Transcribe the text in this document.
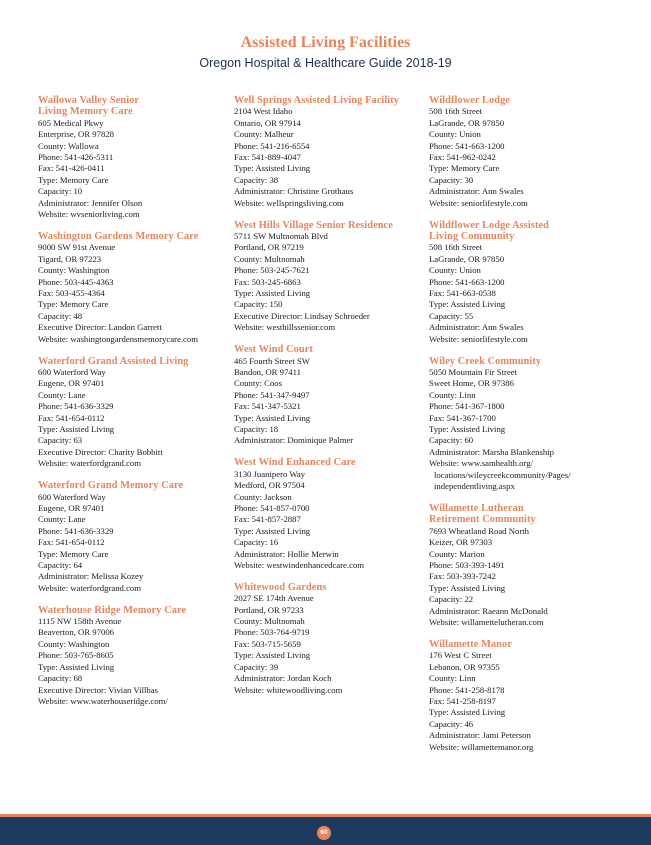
Assisted Living Facilities
Oregon Hospital & Healthcare Guide 2018-19
Wallowa Valley Senior
Living Memory Care
605 Medical Pkwy
Enterprise, OR 97828
County: Wallowa
Phone: 541-426-5311
Fax: 541-426-0411
Type: Memory Care
Capacity: 10
Administrator: Jennifer Olson
Website: wvseniorliving.com
Washington Gardens Memory Care
9000 SW 91st Avenue
Tigard, OR 97223
County: Washington
Phone: 503-445-4363
Fax: 503-455-4364
Type: Memory Care
Capacity: 48
Executive Director: Landon Garrett
Website: washingtongardensmemorycare.com
Waterford Grand Assisted Living
600 Waterford Way
Eugene, OR 97401
County: Lane
Phone: 541-636-3329
Fax: 541-654-0112
Type: Assisted Living
Capacity: 63
Executive Director: Charity Bobbitt
Website: waterfordgrand.com
Waterford Grand Memory Care
600 Waterford Way
Eugene, OR 97401
County: Lane
Phone: 541-636-3329
Fax: 541-654-0112
Type: Memory Care
Capacity: 64
Administrator: Melissa Kozey
Website: waterfordgrand.com
Waterhouse Ridge Memory Care
1115 NW 158th Avenue
Beaverton, OR 97006
County: Washington
Phone: 503-765-8605
Type: Assisted Living
Capacity: 68
Executive Director: Vivian Villbas
Website: www.waterhouseridge.com/
Well Springs Assisted Living Facility
2104 West Idaho
Ontario, OR 97914
County: Malheur
Phone: 541-216-6554
Fax: 541-889-4047
Type: Assisted Living
Capacity: 38
Administrator: Christine Grothaus
Website: wellspringsliving.com
West Hills Village Senior Residence
5711 SW Multnomah Blvd
Portland, OR 97219
County: Multnomah
Phone: 503-245-7621
Fax: 503-245-6863
Type: Assisted Living
Capacity: 150
Executive Director: Lindsay Schroeder
Website: westhillssenior.com
West Wind Court
465 Fourth Street SW
Bandon, OR 97411
County: Coos
Phone: 541-347-9497
Fax: 541-347-5321
Type: Assisted Living
Capacity: 18
Administrator: Dominique Palmer
West Wind Enhanced Care
3130 Juanipero Way
Medford, OR 97504
County: Jackson
Phone: 541-857-0700
Fax: 541-857-2887
Type: Assisted Living
Capacity: 16
Administrator: Hollie Merwin
Website: westwindenhancedcare.com
Whitewood Gardens
2027 SE 174th Avenue
Portland, OR 97233
County: Multnomah
Phone: 503-764-9719
Fax: 503-715-5659
Type: Assisted Living
Capacity: 39
Administrator: Jordan Koch
Website: whitewoodliving.com
Wildflower Lodge
508 16th Street
LaGrande, OR 97850
County: Union
Phone: 541-663-1200
Fax: 541-962-0242
Type: Memory Care
Capacity: 30
Administrator: Ann Swales
Website: seniorlifestyle.com
Wildflower Lodge Assisted
Living Community
508 16th Street
LaGrande, OR 97850
County: Union
Phone: 541-663-1200
Fax: 541-663-0538
Type: Assisted Living
Capacity: 55
Administrator: Ann Swales
Website: seniorlifestyle.com
Wiley Creek Community
5050 Mountain Fir Street
Sweet Home, OR 97386
County: Linn
Phone: 541-367-1800
Fax: 541-367-1700
Type: Assisted Living
Capacity: 60
Administrator: Marsha Blankenship
Website: www.samhealth.org/
locations/wileycreekcommunity/Pages/
independentliving.aspx
Willamette Lutheran
Retirement Community
7693 Wheatland Road North
Keizer, OR 97303
County: Marion
Phone: 503-393-1491
Fax: 503-393-7242
Type: Assisted Living
Capacity: 22
Administrator: Raeann McDonald
Website: willamettelutheran.com
Willamette Manor
176 West C Street
Lebanon, OR 97355
County: Linn
Phone: 541-258-8178
Fax: 541-258-8197
Type: Assisted Living
Capacity: 46
Administrator: Jami Peterson
Website: willamettemanor.org
60
